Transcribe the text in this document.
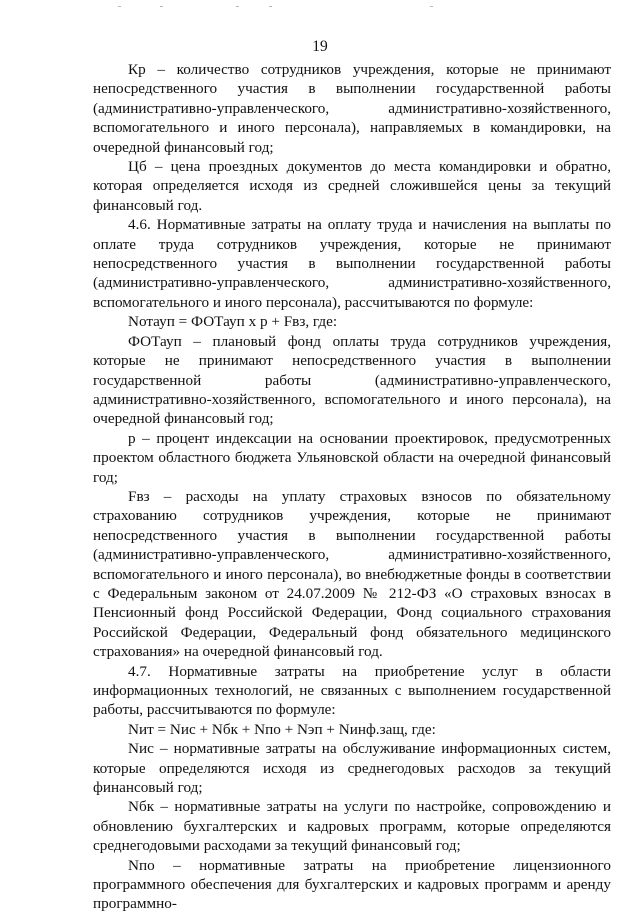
19

Кр – количество сотрудников учреждения, которые не принимают непосредственного участия в выполнении государственной работы (административно-управленческого, административно-хозяйственного, вспомогательного и иного персонала), направляемых в командировки, на очередной финансовый год;

Цб – цена проездных документов до места командировки и обратно, которая определяется исходя из средней сложившейся цены за текущий финансовый год.

4.6. Нормативные затраты на оплату труда и начисления на выплаты по оплате труда сотрудников учреждения, которые не принимают непосредственного участия в выполнении государственной работы (административно-управленческого, административно-хозяйственного, вспомогательного и иного персонала), рассчитываются по формуле:

Nотауп = ФОТауп х р + Fвз, где:

ФОТауп – плановый фонд оплаты труда сотрудников учреждения, которые не принимают непосредственного участия в выполнении государственной работы (административно-управленческого, административно-хозяйственного, вспомогательного и иного персонала), на очередной финансовый год;

р – процент индексации на основании проектировок, предусмотренных проектом областного бюджета Ульяновской области на очередной финансовый год;

Fвз – расходы на уплату страховых взносов по обязательному страхованию сотрудников учреждения, которые не принимают непосредственного участия в выполнении государственной работы (административно-управленческого, административно-хозяйственного, вспомогательного и иного персонала), во внебюджетные фонды в соответствии с Федеральным законом от 24.07.2009 № 212-ФЗ «О страховых взносах в Пенсионный фонд Российской Федерации, Фонд социального страхования Российской Федерации, Федеральный фонд обязательного медицинского страхования» на очередной финансовый год.

4.7. Нормативные затраты на приобретение услуг в области информационных технологий, не связанных с выполнением государственной работы, рассчитываются по формуле:

Nит = Nис + Nбк + Nпо + Nэп + Nинф.защ, где:

Nис – нормативные затраты на обслуживание информационных систем, которые определяются исходя из среднегодовых расходов за текущий финансовый год;

Nбк – нормативные затраты на услуги по настройке, сопровождению и обновлению бухгалтерских и кадровых программ, которые определяются среднегодовыми расходами за текущий финансовый год;

Nпо – нормативные затраты на приобретение лицензионного программного обеспечения для бухгалтерских и кадровых программ и аренду программно-
